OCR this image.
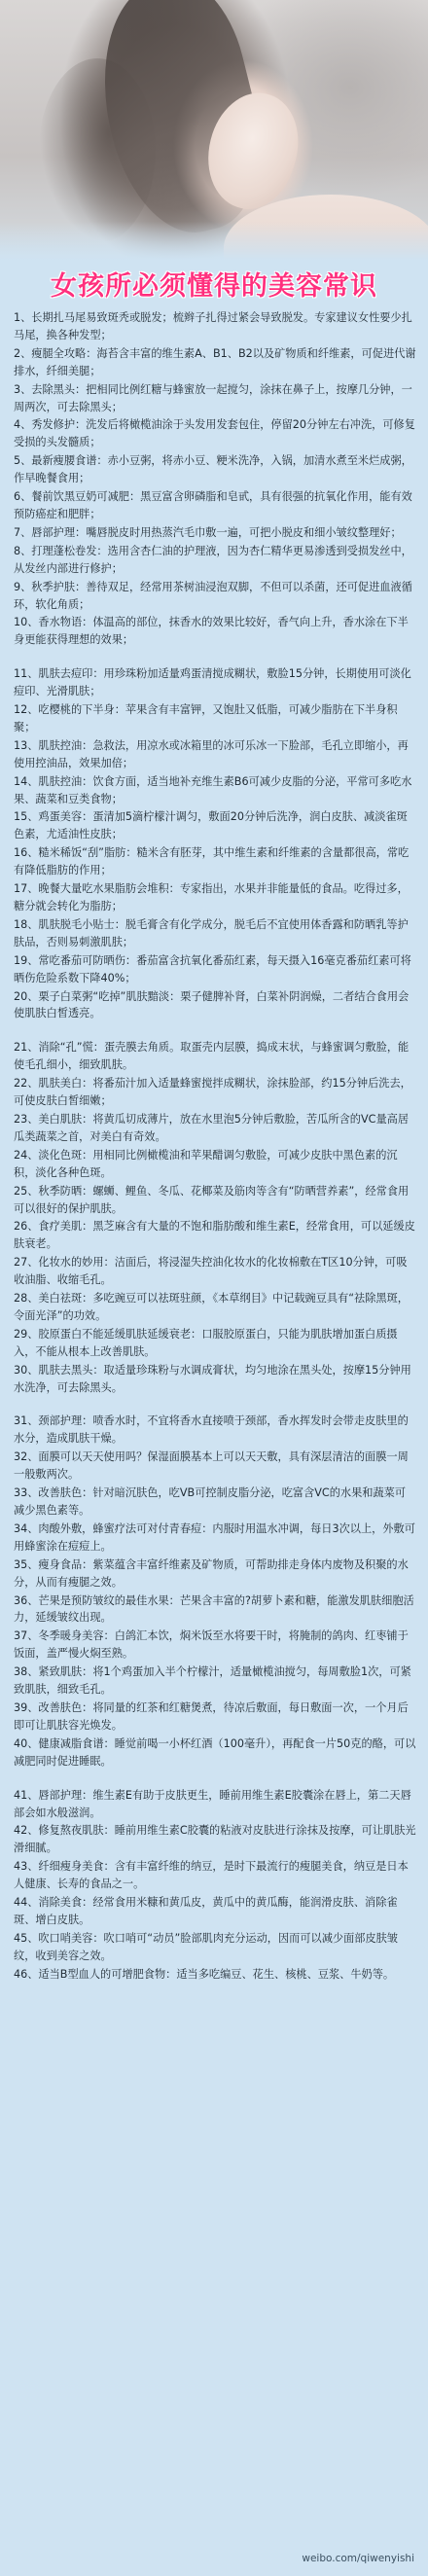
女孩所必须懂得的美容常识
1、长期扎马尾易致斑秃或脱发；梳辫子扎得过紧会导致脱发。专家建议女性要少扎马尾，换各种发型；
2、瘦腿全攻略：海苔含丰富的维生素A、B1、B2以及矿物质和纤维素，可促进代谢排水，纤细美腿；
3、去除黑头：把相同比例红糖与蜂蜜放一起搅匀，涂抹在鼻子上，按摩几分钟，一周两次，可去除黑头；
4、秀发修护：洗发后将橄榄油涂于头发用发套包住，停留20分钟左右冲洗，可修复受损的头发髓质；
5、最新瘦腰食谱：赤小豆粥，将赤小豆、粳米洗净，入锅，加清水煮至米烂成粥，作早晚餐食用；
6、餐前饮黑豆奶可减肥：黑豆富含卵磷脂和皂甙，具有很强的抗氧化作用，能有效预防癌症和肥胖；
7、唇部护理：嘴唇脱皮时用热蒸汽毛巾敷一遍，可把小脱皮和细小皱纹整理好；
8、打理蓬松卷发：选用含杏仁油的护理液，因为杏仁精华更易渗透到受损发丝中，从发丝内部进行修护；
9、秋季护肤：善待双足，经常用茶树油浸泡双脚，不但可以杀菌，还可促进血液循环，软化角质；
10、香水物语：体温高的部位，抹香水的效果比较好，香气向上升，香水涂在下半身更能获得理想的效果；
11、肌肤去痘印：用珍珠粉加适量鸡蛋清搅成糊状，敷脸15分钟，长期使用可淡化痘印、光滑肌肤；
12、吃樱桃的下半身：苹果含有丰富钾，又饱肚又低脂，可减少脂肪在下半身积聚；
13、肌肤控油：急救法，用凉水或冰箱里的冰可乐冰一下脸部，毛孔立即缩小，再使用控油品，效果加倍；
14、肌肤控油：饮食方面，适当地补充维生素B6可减少皮脂的分泌，平常可多吃水果、蔬菜和豆类食物；
15、鸡蛋美容：蛋清加5滴柠檬汁调匀，敷面20分钟后洗净，润白皮肤、减淡雀斑色素，尤适油性皮肤；
16、糙米稀饭“刮”脂肪：糙米含有胚芽，其中维生素和纤维素的含量都很高，常吃有降低脂肪的作用；
17、晚餐大量吃水果脂肪会堆积：专家指出，水果并非能量低的食品。吃得过多，糖分就会转化为脂肪；
18、肌肤脱毛小贴士：脱毛膏含有化学成分，脱毛后不宜使用体香露和防晒乳等护肤品，否则易刺激肌肤；
19、常吃番茄可防晒伤：番茄富含抗氧化番茄红素，每天摄入16毫克番茄红素可将晒伤危险系数下降40%；
20、栗子白菜粥“吃掉”肌肤黯淡：栗子健脾补肾，白菜补阴润燥，二者结合食用会使肌肤白皙透亮。
21、消除“孔”慌：蛋壳膜去角质。取蛋壳内层膜，捣成末状，与蜂蜜调匀敷脸，能使毛孔细小，细致肌肤。
22、肌肤美白：将番茄汁加入适量蜂蜜搅拌成糊状，涂抹脸部，约15分钟后洗去，可使皮肤白皙细嫩；
23、美白肌肤：将黄瓜切成薄片，放在水里泡5分钟后敷脸，苦瓜所含的VC量高居瓜类蔬菜之首，对美白有奇效。
24、淡化色斑：用相同比例橄榄油和苹果醋调匀敷脸，可减少皮肤中黑色素的沉积，淡化各种色斑。
25、秋季防晒：螺蛳、鲤鱼、冬瓜、花椰菜及筋肉等含有“防晒营养素”，经常食用可以很好的保护肌肤。
26、食疗美肌：黑芝麻含有大量的不饱和脂肪酸和维生素E，经常食用，可以延缓皮肤衰老。
27、化妆水的妙用：洁面后，将浸湿失控油化妆水的化妆棉敷在T区10分钟，可吸收油脂、收缩毛孔。
28、美白祛斑：多吃豌豆可以祛斑驻颜，《本草纲目》中记载豌豆具有“祛除黑斑，令面光泽”的功效。
29、胶原蛋白不能延缓肌肤延缓衰老：口服胶原蛋白，只能为肌肤增加蛋白质摄入，不能从根本上改善肌肤。
30、肌肤去黑头：取适量珍珠粉与水调成膏状，均匀地涂在黑头处，按摩15分钟用水洗净，可去除黑头。
31、颈部护理：喷香水时，不宜将香水直接喷于颈部，香水挥发时会带走皮肤里的水分，造成肌肤干燥。
32、面膜可以天天使用吗？保湿面膜基本上可以天天敷，具有深层清洁的面膜一周一般敷两次。
33、改善肤色：针对暗沉肤色，吃VB可控制皮脂分泌，吃富含VC的水果和蔬菜可减少黑色素等。
34、肉酸外敷，蜂蜜疗法可对付青春痘：内服时用温水冲调，每日3次以上，外敷可用蜂蜜涂在痘痘上。
35、瘦身食品：紫菜蕴含丰富纤维素及矿物质，可帮助排走身体内废物及积聚的水分，从而有瘦腿之效。
36、芒果是预防皱纹的最佳水果：芒果含丰富的?胡萝卜素和糖，能激发肌肤细胞活力，延缓皱纹出现。
37、冬季暖身美容：白鸽汇本饮，焖米饭至水将要干时，将腌制的鸽肉、红枣铺于饭面，盖严慢火焖至熟。
38、紧致肌肤：将1个鸡蛋加入半个柠檬汁，适量橄榄油搅匀，每周敷脸1次，可紧致肌肤，细致毛孔。
39、改善肤色：将同量的红茶和红糖煲煮，待凉后敷面，每日敷面一次，一个月后即可让肌肤容光焕发。
40、健康减脂食谱：睡觉前喝一小杯红酒（100毫升），再配食一片50克的酪，可以减肥同时促进睡眠。
41、唇部护理：维生素E有助于皮肤更生，睡前用维生素E胶囊涂在唇上，第二天唇部会如水般滋润。
42、修复熬夜肌肤：睡前用维生素C胶囊的粘液对皮肤进行涂抹及按摩，可让肌肤光滑细腻。
43、纤细瘦身美食：含有丰富纤维的纳豆，是时下最流行的瘦腿美食，纳豆是日本人健康、长寿的食品之一。
44、消除美食：经常食用米糠和黄瓜皮，黄瓜中的黄瓜酶，能润滑皮肤、消除雀斑、增白皮肤。
45、吹口哨美容：吹口哨可“动员”脸部肌肉充分运动，因而可以减少面部皮肤皱纹，收到美容之效。
46、适当B型血人的可增肥食物：适当多吃编豆、花生、核桃、豆浆、牛奶等。
weibo.com/qiwenyishi
